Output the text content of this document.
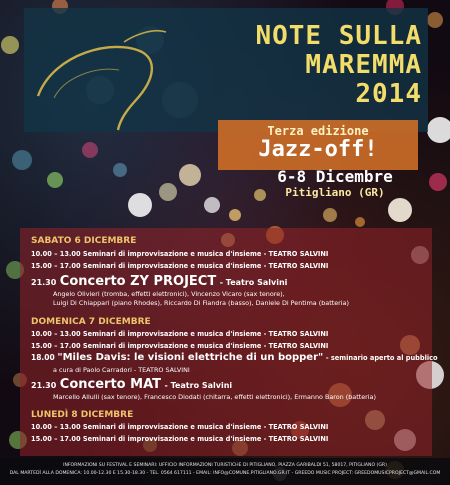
NOTE SULLA
MAREMMA
2014
Terza edizione
Jazz-off!
6-8 Dicembre
Pitigliano (GR)
SABATO 6 DICEMBRE
10.00 – 13.00 Seminari di improvvisazione e musica d'insieme - TEATRO SALVINI
15.00 – 17.00 Seminari di improvvisazione e musica d'insieme - TEATRO SALVINI
21.30 Concerto ZY PROJECT - Teatro Salvini
Angelo Olivieri (tromba, effetti elettronici), Vincenzo Vicaro (sax tenore),
Luigi Di Chiappari (piano Rhodes), Riccardo Di Fiandra (basso), Daniele Di Pentima (batteria)
DOMENICA 7 DICEMBRE
10.00 – 13.00 Seminari di improvvisazione e musica d'insieme - TEATRO SALVINI
15.00 – 17.00 Seminari di improvvisazione e musica d'insieme - TEATRO SALVINI
18.00 "Miles Davis: le visioni elettriche di un bopper" - seminario aperto al pubblico
a cura di Paolo Carradori - TEATRO SALVINI
21.30 Concerto MAT - Teatro Salvini
Marcello Allulli (sax tenore), Francesco Diodati (chitarra, effetti elettronici), Ermanno Baron (batteria)
LUNEDÌ 8 DICEMBRE
10.00 – 13.00 Seminari di improvvisazione e musica d'insieme - TEATRO SALVINI
15.00 – 17.00 Seminari di improvvisazione e musica d'insieme - TEATRO SALVINI
INFORMAZIONI SU FESTIVAL E SEMINARI: UFFICIO INFORMAZIONI TURISTICHE DI PITIGLIANO, PIAZZA GARIBALDI 51, 58017, PITIGLIANO (GR)
DAL MARTEDÌ ALLA DOMENICA: 10.00-12.30 E 15.30-18.30 - TEL. 0564 617111 - EMAIL: INFO@COMUNE.PITIGLIANO.GR.IT - GREEDO MUSIC PROJECT: GREEDOMUSICPROJECT@GMAIL.COM
